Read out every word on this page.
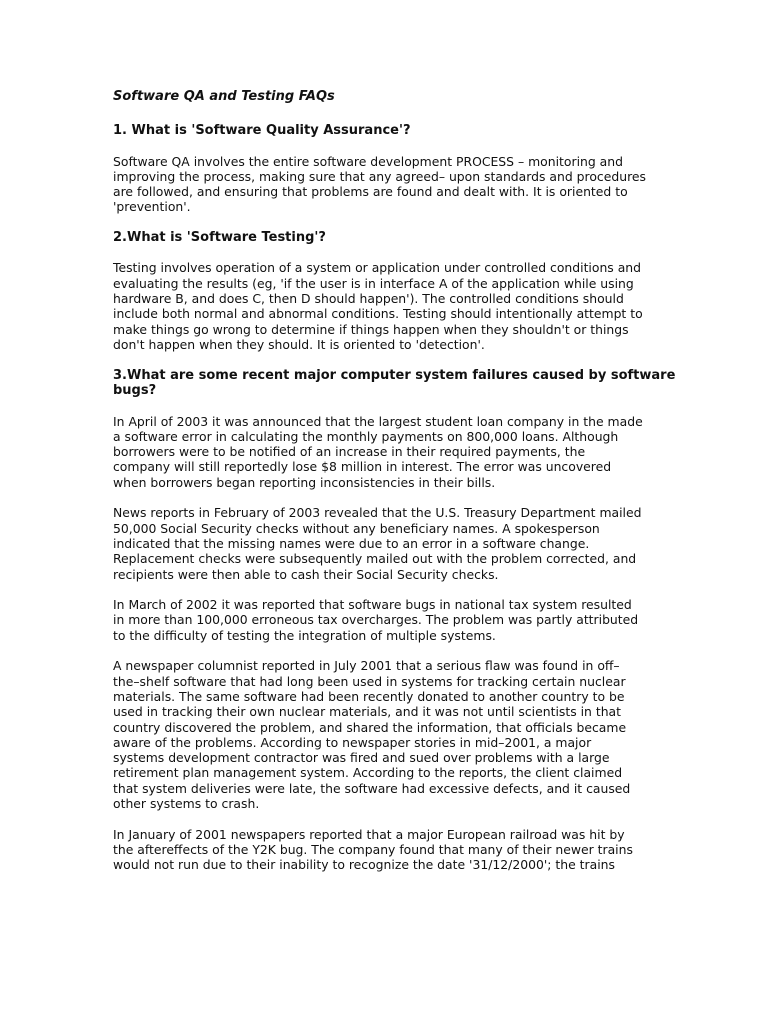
Software QA and Testing FAQs
1. What is 'Software Quality Assurance'?
Software QA involves the entire software development PROCESS – monitoring and
improving the process, making sure that any agreed– upon standards and procedures
are followed, and ensuring that problems are found and dealt with. It is oriented to
'prevention'.
2.What is 'Software Testing'?
Testing involves operation of a system or application under controlled conditions and
evaluating the results (eg, 'if the user is in interface A of the application while using
hardware B, and does C, then D should happen'). The controlled conditions should
include both normal and abnormal conditions. Testing should intentionally attempt to
make things go wrong to determine if things happen when they shouldn't or things
don't happen when they should. It is oriented to 'detection'.
3.What are some recent major computer system failures caused by software
bugs?
In April of 2003 it was announced that the largest student loan company in the made
a software error in calculating the monthly payments on 800,000 loans. Although
borrowers were to be notified of an increase in their required payments, the
company will still reportedly lose $8 million in interest. The error was uncovered
when borrowers began reporting inconsistencies in their bills.
News reports in February of 2003 revealed that the U.S. Treasury Department mailed
50,000 Social Security checks without any beneficiary names. A spokesperson
indicated that the missing names were due to an error in a software change.
Replacement checks were subsequently mailed out with the problem corrected, and
recipients were then able to cash their Social Security checks.
In March of 2002 it was reported that software bugs in national tax system resulted
in more than 100,000 erroneous tax overcharges. The problem was partly attributed
to the difficulty of testing the integration of multiple systems.
A newspaper columnist reported in July 2001 that a serious flaw was found in off–
the–shelf software that had long been used in systems for tracking certain nuclear
materials. The same software had been recently donated to another country to be
used in tracking their own nuclear materials, and it was not until scientists in that
country discovered the problem, and shared the information, that officials became
aware of the problems. According to newspaper stories in mid–2001, a major
systems development contractor was fired and sued over problems with a large
retirement plan management system. According to the reports, the client claimed
that system deliveries were late, the software had excessive defects, and it caused
other systems to crash.
In January of 2001 newspapers reported that a major European railroad was hit by
the aftereffects of the Y2K bug. The company found that many of their newer trains
would not run due to their inability to recognize the date '31/12/2000'; the trains
